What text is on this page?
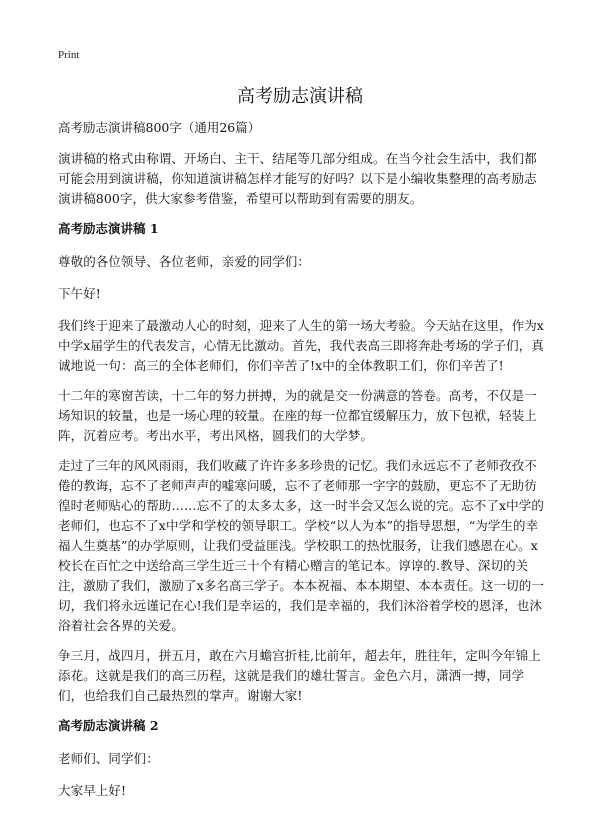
Print
高考励志演讲稿

高考励志演讲稿800字（通用26篇）

演讲稿的格式由称谓、开场白、主干、结尾等几部分组成。在当今社会生活中，我们都可能会用到演讲稿，你知道演讲稿怎样才能写的好吗？以下是小编收集整理的高考励志演讲稿800字，供大家参考借鉴，希望可以帮助到有需要的朋友。

高考励志演讲稿 1

尊敬的各位领导、各位老师，亲爱的同学们：

下午好!

我们终于迎来了最激动人心的时刻，迎来了人生的第一场大考验。今天站在这里，作为x中学x届学生的代表发言，心情无比激动。首先，我代表高三即将奔赴考场的学子们，真诚地说一句：高三的全体老师们，你们辛苦了!x中的全体教职工们，你们辛苦了!

十二年的寒窗苦读，十二年的努力拼搏，为的就是交一份满意的答卷。高考，不仅是一场知识的较量，也是一场心理的较量。在座的每一位都宜缓解压力，放下包袱，轻装上阵，沉着应考。考出水平，考出风格，圆我们的大学梦。

走过了三年的风风雨雨，我们收藏了许许多多珍贵的记忆。我们永远忘不了老师孜孜不倦的教诲，忘不了老师声声的嘘寒问暖，忘不了老师那一字字的鼓励，更忘不了无助彷徨时老师贴心的帮助……忘不了的太多太多，这一时半会又怎么说的完。忘不了x中学的老师们，也忘不了x中学和学校的领导职工。学校“以人为本”的指导思想，“为学生的幸福人生奠基”的办学原则，让我们受益匪浅。学校职工的热忱服务，让我们感恩在心。x校长在百忙之中送给高三学生近三十个有精心赠言的笔记本。谆谆的.教导、深切的关注，激励了我们，激励了x多名高三学子。本本祝福、本本期望、本本责任。这一切的一切，我们将永远谨记在心!我们是幸运的，我们是幸福的，我们沐浴着学校的恩泽，也沐浴着社会各界的关爱。

争三月，战四月，拼五月，敢在六月蟾宫折桂,比前年，超去年，胜往年，定叫今年锦上添花。这就是我们的高三历程，这就是我们的雄壮誓言。金色六月，潇洒一搏，同学们，也给我们自己最热烈的掌声。谢谢大家!

高考励志演讲稿 2

老师们、同学们：

大家早上好!
